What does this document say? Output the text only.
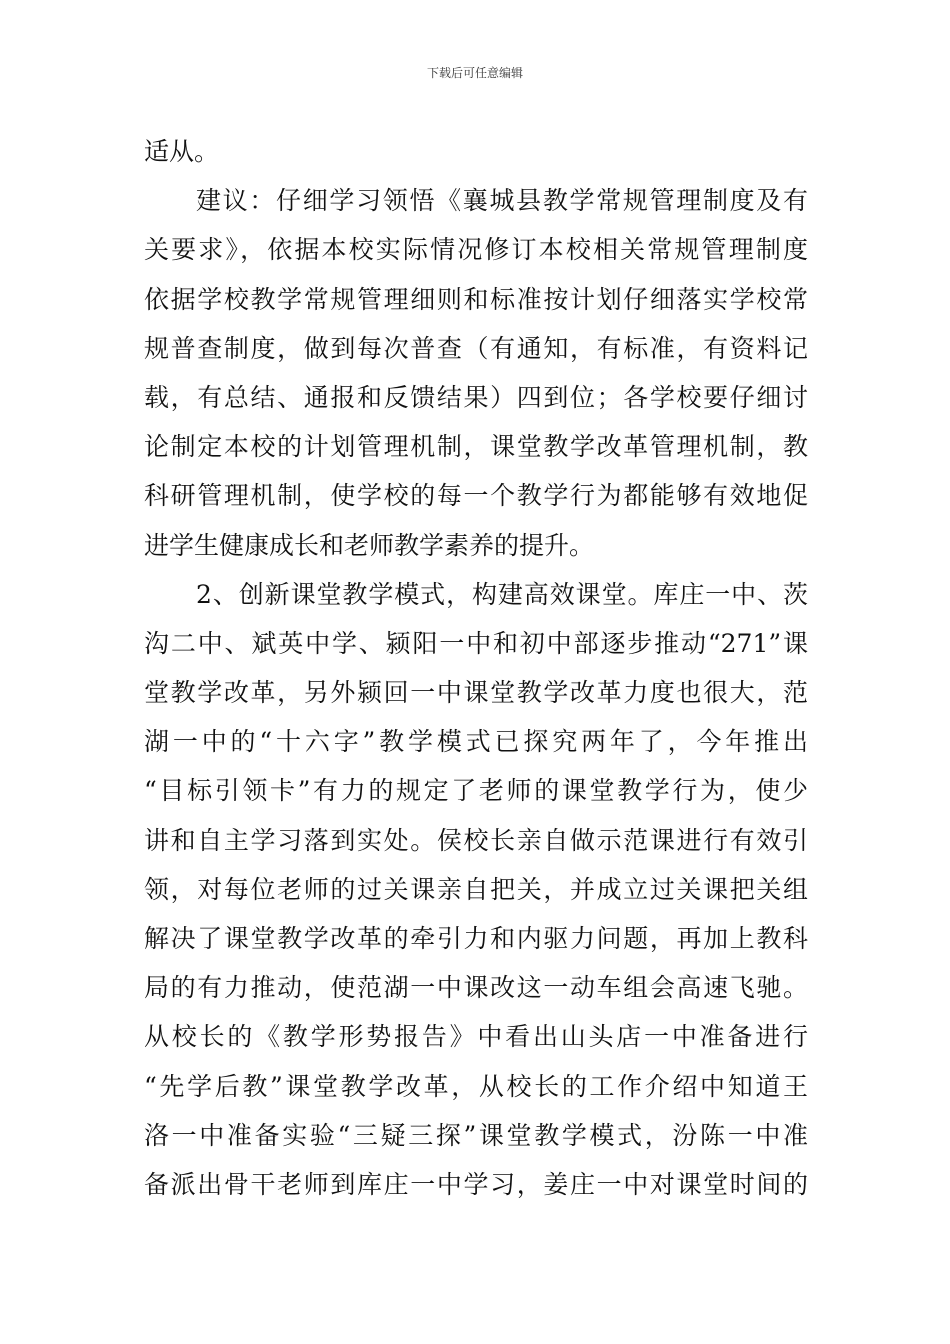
下载后可任意编辑
适从。
建议：仔细学习领悟《襄城县教学常规管理制度及有
关要求》，依据本校实际情况修订本校相关常规管理制度
依据学校教学常规管理细则和标准按计划仔细落实学校常
规普查制度，做到每次普查（有通知，有标准，有资料记
载，有总结、通报和反馈结果）四到位；各学校要仔细讨
论制定本校的计划管理机制，课堂教学改革管理机制，教
科研管理机制，使学校的每一个教学行为都能够有效地促
进学生健康成长和老师教学素养的提升。
2、创新课堂教学模式，构建高效课堂。库庄一中、茨
沟二中、斌英中学、颍阳一中和初中部逐步推动“271”课
堂教学改革，另外颍回一中课堂教学改革力度也很大，范
湖一中的“十六字”教学模式已探究两年了，今年推出
“目标引领卡”有力的规定了老师的课堂教学行为，使少
讲和自主学习落到实处。侯校长亲自做示范课进行有效引
领，对每位老师的过关课亲自把关，并成立过关课把关组
解决了课堂教学改革的牵引力和内驱力问题，再加上教科
局的有力推动，使范湖一中课改这一动车组会高速飞驰。
从校长的《教学形势报告》中看出山头店一中准备进行
“先学后教”课堂教学改革，从校长的工作介绍中知道王
洛一中准备实验“三疑三探”课堂教学模式，汾陈一中准
备派出骨干老师到库庄一中学习，姜庄一中对课堂时间的
